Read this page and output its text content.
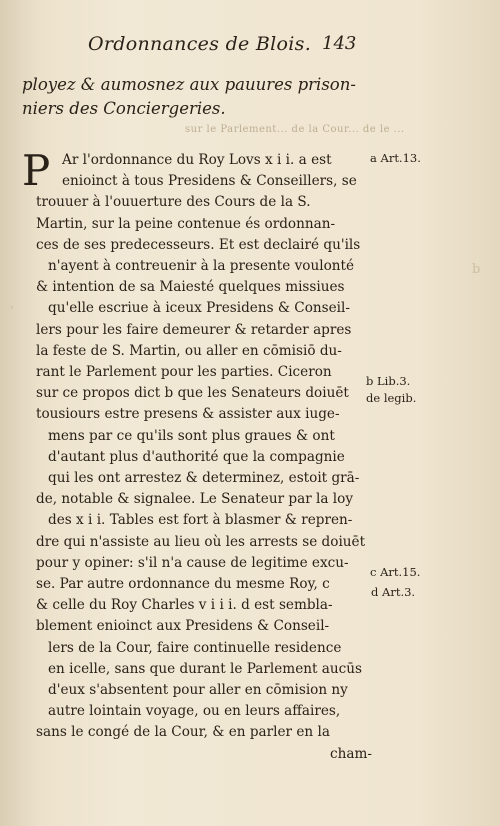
Ordonnances de Blois. 143
ployez & aumosnez aux pauures prison-
niers des Conciergeries.
sur le Parlement... de la Cour... de le ...
P Ar l'ordonnance du Roy Lovs x i i. a est
enioinct à tous Presidens & Conseillers, se
trouuer à l'ouuerture des Cours de la S.
Martin, sur la peine contenue és ordonnan-
ces de ses predecesseurs. Et est declairé qu'ils
n'ayent à contreuenir à la presente voulonté
& intention de sa Maiesté quelques missiues
qu'elle escriue à iceux Presidens & Conseil-
lers pour les faire demeurer & retarder apres
la feste de S. Martin, ou aller en cōmisiō du-
rant le Parlement pour les parties. Ciceron
sur ce propos dict b que les Senateurs doiuēt
tousiours estre presens & assister aux iuge-
mens par ce qu'ils sont plus graues & ont
d'autant plus d'authorité que la compagnie
qui les ont arrestez & determinez, estoit grā-
de, notable & signalee. Le Senateur par la loy
des x i i. Tables est fort à blasmer & repren-
dre qui n'assiste au lieu où les arrests se doiuēt
pour y opiner: s'il n'a cause de legitime excu-
se. Par autre ordonnance du mesme Roy, c
& celle du Roy Charles v i i i. d est sembla-
blement enioinct aux Presidens & Conseil-
lers de la Cour, faire continuelle residence
en icelle, sans que durant le Parlement aucūs
d'eux s'absentent pour aller en cōmision ny
autre lointain voyage, ou en leurs affaires,
sans le congé de la Cour, & en parler en la
cham-
a Art.13.
b Lib.3.
de legib.
c Art.15.
d Art.3.
'
b
